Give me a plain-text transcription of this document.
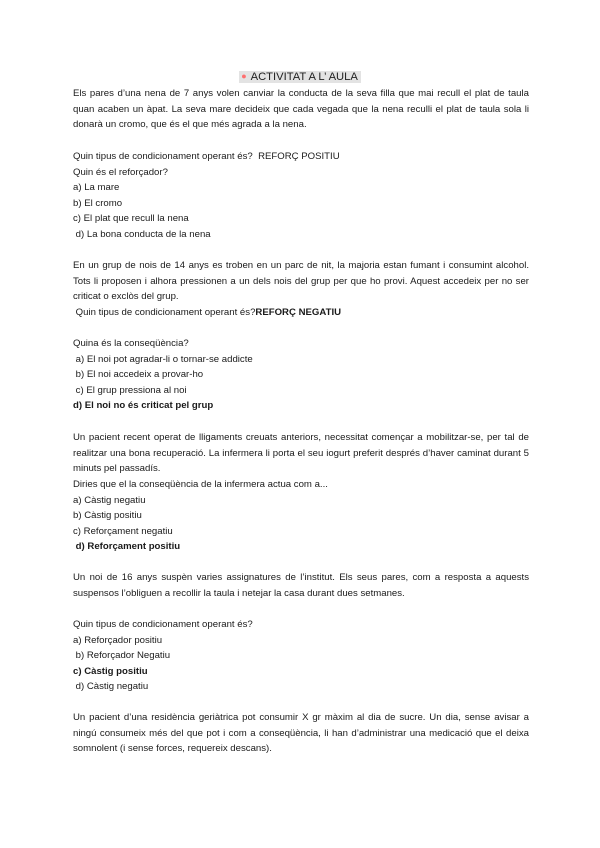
● ACTIVITAT A L’ AULA

Els pares d’una nena de 7 anys volen canviar la conducta de la seva filla que mai recull el plat de taula quan acaben un àpat. La seva mare decideix que cada vegada que la nena reculli el plat de taula sola li donarà un cromo, que és el que més agrada a la nena.

Quin tipus de condicionament operant és? REFORÇ POSITIU
Quin és el reforçador?
a) La mare
b) El cromo
c) El plat que recull la nena
d) La bona conducta de la nena

En un grup de nois de 14 anys es troben en un parc de nit, la majoria estan fumant i consumint alcohol. Tots li proposen i alhora pressionen a un dels nois del grup per que ho provi. Aquest accedeix per no ser criticat o exclòs del grup.

Quin tipus de condicionament operant és?REFORÇ NEGATIU
Quina és la conseqüència?
a) El noi pot agradar-li o tornar-se addicte
b) El noi accedeix a provar-ho
c) El grup pressiona al noi
d) El noi no és criticat pel grup

Un pacient recent operat de lligaments creuats anteriors, necessitat començar a mobilitzar-se, per tal de realitzar una bona recuperació. La infermera li porta el seu iogurt preferit després d’haver caminat durant 5 minuts pel passadís.

Diries que el la conseqüència de la infermera actua com a...
a) Càstig negatiu
b) Càstig positiu
c) Reforçament negatiu
d) Reforçament positiu

Un noi de 16 anys suspèn varies assignatures de l’institut. Els seus pares, com a resposta a aquests suspensos l’obliguen a recollir la taula i netejar la casa durant dues setmanes.

Quin tipus de condicionament operant és?
a) Reforçador positiu
b) Reforçador Negatiu
c) Càstig positiu
d) Càstig negatiu

Un pacient d’una residència geriàtrica pot consumir X gr màxim al dia de sucre. Un dia, sense avisar a ningú consumeix més del que pot i com a conseqüència, li han d’administrar una medicació que el deixa somnolent (i sense forces, requereix descans).
